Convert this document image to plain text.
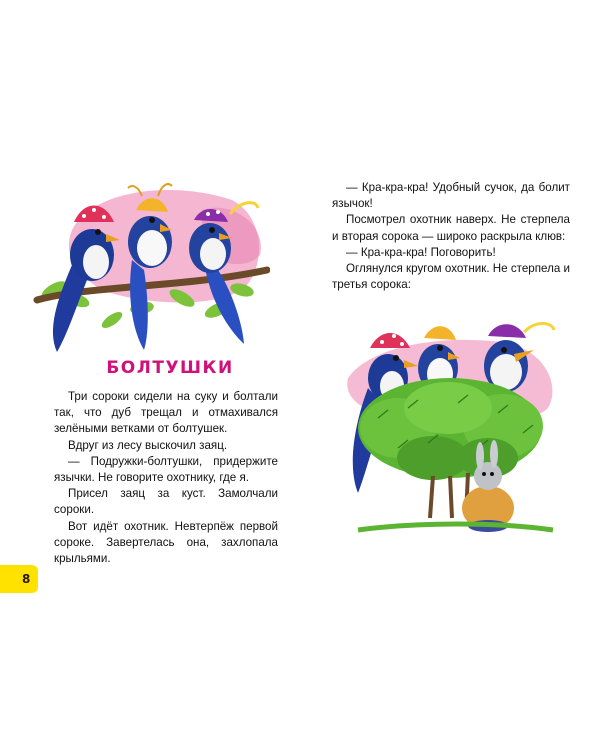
БОЛТУШКИ

Три сороки сидели на суку и болтали так, что дуб трещал и отмахивался зелёными ветками от болтушек.

Вдруг из лесу выскочил заяц.

— Подружки-болтушки, придержите язычки. Не говорите охотнику, где я.

Присел заяц за куст. Замолчали сороки.

Вот идёт охотник. Невтерпёж первой сороке. Завертелась она, захлопала крыльями.

— Кра-кра-кра! Удобный сучок, да болит язычок!

Посмотрел охотник наверх. Не стерпела и вторая сорока — широко раскрыла клюв:

— Кра-кра-кра! Поговорить!

Оглянулся кругом охотник. Не стерпела и третья сорока:

8
